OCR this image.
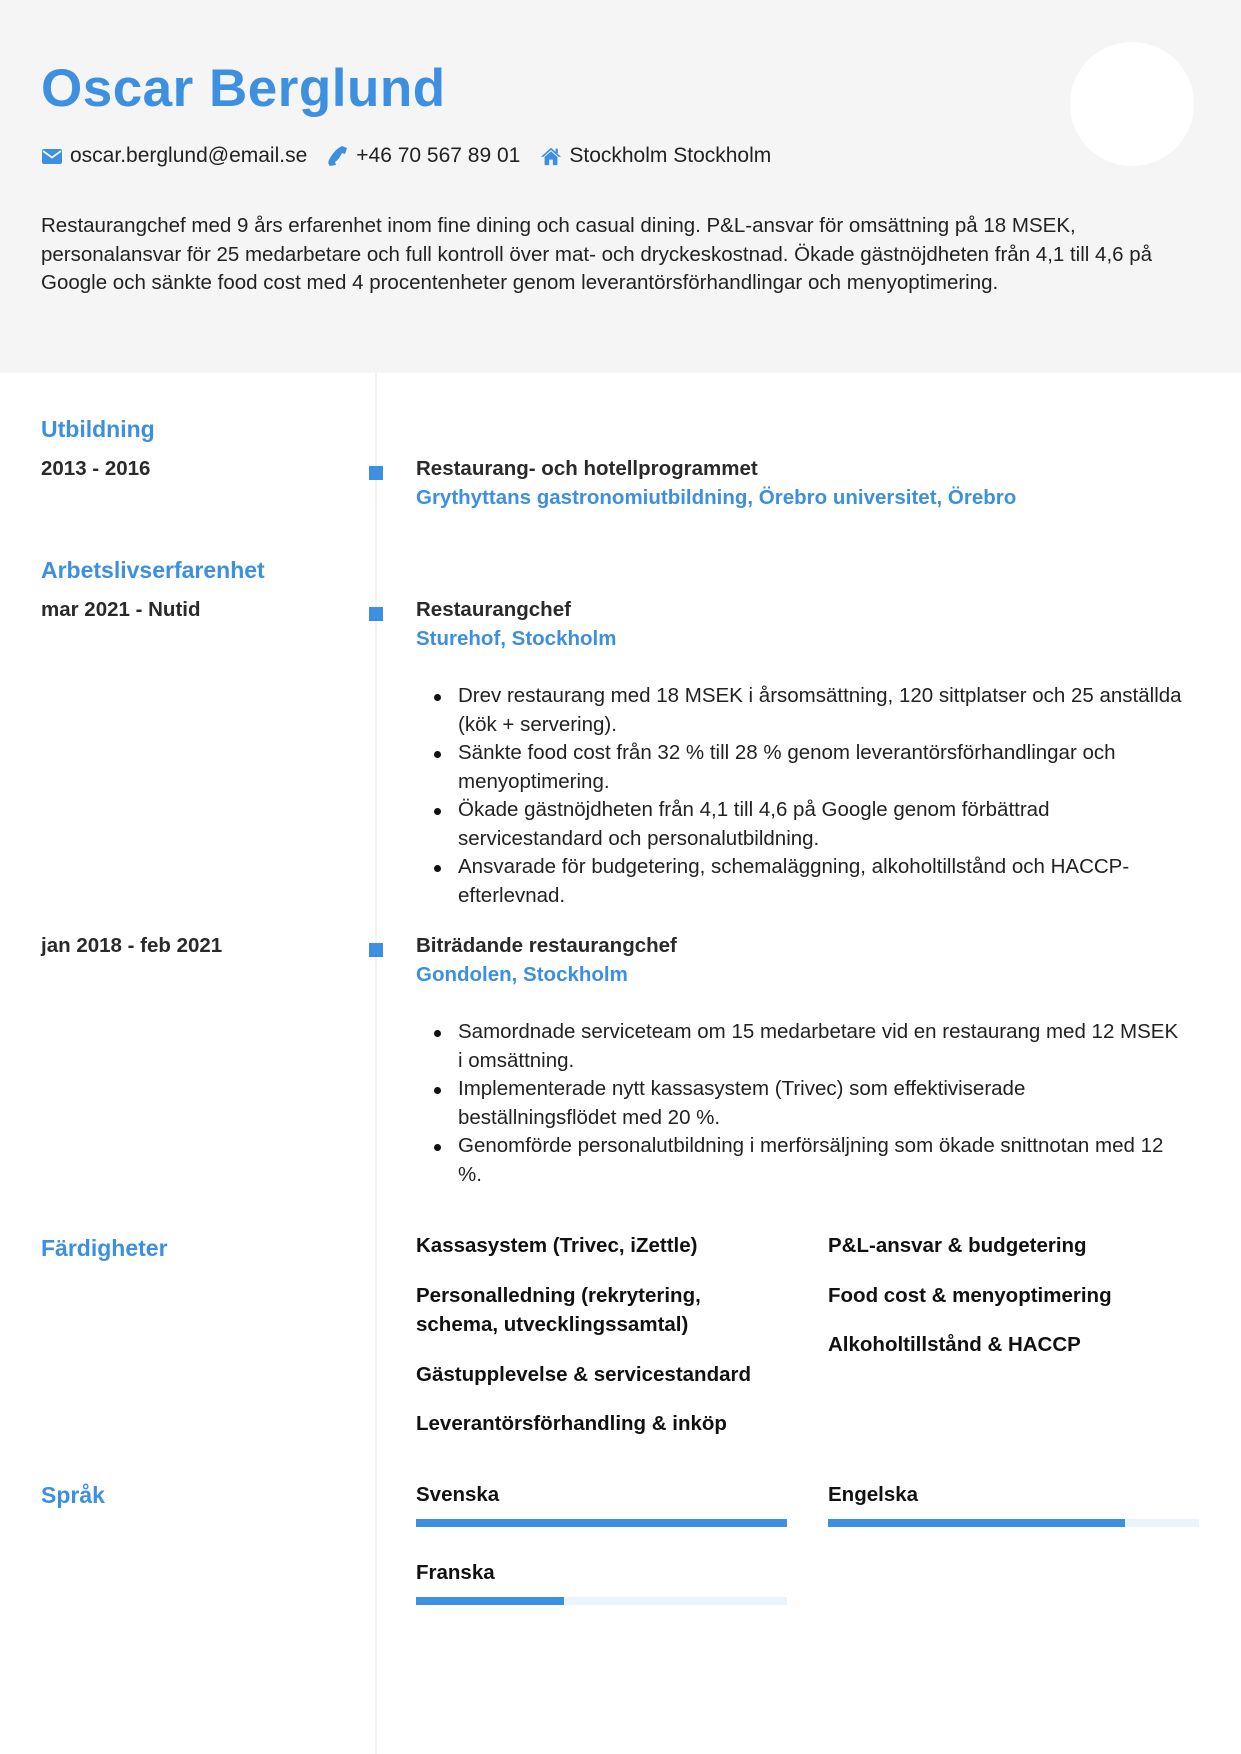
Oscar Berglund
oscar.berglund@email.se +46 70 567 89 01 Stockholm Stockholm
Restaurangchef med 9 års erfarenhet inom fine dining och casual dining. P&L-ansvar för omsättning på 18 MSEK, personalansvar för 25 medarbetare och full kontroll över mat- och dryckeskostnad. Ökade gästnöjdheten från 4,1 till 4,6 på Google och sänkte food cost med 4 procentenheter genom leverantörsförhandlingar och menyoptimering.
Utbildning
2013 - 2016	Restaurang- och hotellprogrammet
Grythyttans gastronomiutbildning, Örebro universitet, Örebro
Arbetslivserfarenhet
mar 2021 - Nutid	Restaurangchef
Sturehof, Stockholm
Drev restaurang med 18 MSEK i årsomsättning, 120 sittplatser och 25 anställda (kök + servering).
Sänkte food cost från 32 % till 28 % genom leverantörsförhandlingar och menyoptimering.
Ökade gästnöjdheten från 4,1 till 4,6 på Google genom förbättrad servicestandard och personalutbildning.
Ansvarade för budgetering, schemaläggning, alkoholtillstånd och HACCP-efterlevnad.
jan 2018 - feb 2021	Biträdande restaurangchef
Gondolen, Stockholm
Samordnade serviceteam om 15 medarbetare vid en restaurang med 12 MSEK i omsättning.
Implementerade nytt kassasystem (Trivec) som effektiviserade beställningsflödet med 20 %.
Genomförde personalutbildning i merförsäljning som ökade snittnotan med 12 %.
Färdigheter	Kassasystem (Trivec, iZettle)
Personalledning (rekrytering, schema, utvecklingssamtal)
Gästupplevelse & servicestandard
Leverantörsförhandling & inköp
P&L-ansvar & budgetering
Food cost & menyoptimering
Alkoholtillstånd & HACCP
Språk	Svenska	Engelska
Franska
